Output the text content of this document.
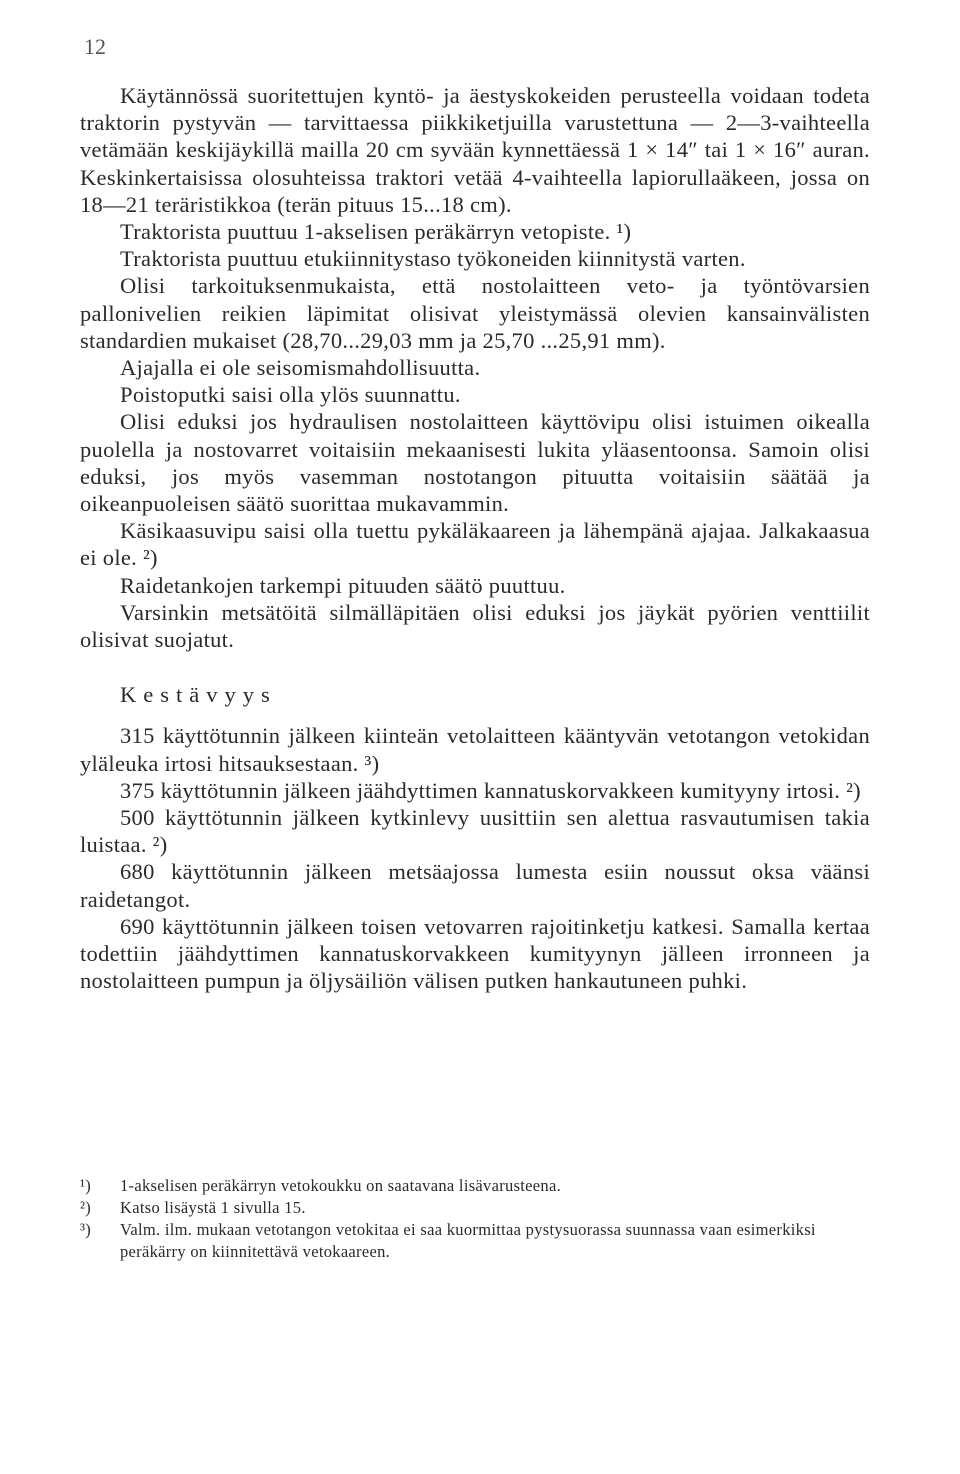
12

Käytännössä suoritettujen kyntö- ja äestyskokeiden perusteella voidaan todeta traktorin pystyvän — tarvittaessa piikkiketjuilla varustettuna — 2—3-vaihteella vetämään keskijäykillä mailla 20 cm syvään kynnettäessä 1 × 14″ tai 1 × 16″ auran. Keskinkertaisissa olosuhteissa traktori vetää 4-vaihteella lapiorullaäkeen, jossa on 18—21 teräristikkoa (terän pituus 15...18 cm).

Traktorista puuttuu 1-akselisen peräkärryn vetopiste. ¹)

Traktorista puuttuu etukiinnitystaso työkoneiden kiinnitystä varten.

Olisi tarkoituksenmukaista, että nostolaitteen veto- ja työntövarsien pallonivelien reikien läpimitat olisivat yleistymässä olevien kansainvälisten standardien mukaiset (28,70...29,03 mm ja 25,70 ...25,91 mm).

Ajajalla ei ole seisomismahdollisuutta.

Poistoputki saisi olla ylös suunnattu.

Olisi eduksi jos hydraulisen nostolaitteen käyttövipu olisi istuimen oikealla puolella ja nostovarret voitaisiin mekaanisesti lukita yläasentoonsa. Samoin olisi eduksi, jos myös vasemman nostotangon pituutta voitaisiin säätää ja oikeanpuoleisen säätö suorittaa mukavammin.

Käsikaasuvipu saisi olla tuettu pykäläkaareen ja lähempänä ajajaa. Jalkakaasua ei ole. ²)

Raidetankojen tarkempi pituuden säätö puuttuu.

Varsinkin metsätöitä silmälläpitäen olisi eduksi jos jäykät pyörien venttiilit olisivat suojatut.

Kestävyys

315 käyttötunnin jälkeen kiinteän vetolaitteen kääntyvän vetotangon vetokidan yläleuka irtosi hitsauksestaan. ³)

375 käyttötunnin jälkeen jäähdyttimen kannatuskorvakkeen kumityyny irtosi. ²)

500 käyttötunnin jälkeen kytkinlevy uusittiin sen alettua rasvautumisen takia luistaa. ²)

680 käyttötunnin jälkeen metsäajossa lumesta esiin noussut oksa väänsi raidetangot.

690 käyttötunnin jälkeen toisen vetovarren rajoitinketju katkesi. Samalla kertaa todettiin jäähdyttimen kannatuskorvakkeen kumityynyn jälleen irronneen ja nostolaitteen pumpun ja öljysäiliön välisen putken hankautuneen puhki.

¹)	1-akselisen peräkärryn vetokoukku on saatavana lisävarusteena.
²)	Katso lisäystä 1 sivulla 15.
³)	Valm. ilm. mukaan vetotangon vetokitaa ei saa kuormittaa pystysuorassa suunnassa vaan esimerkiksi peräkärry on kiinnitettävä vetokaareen.
